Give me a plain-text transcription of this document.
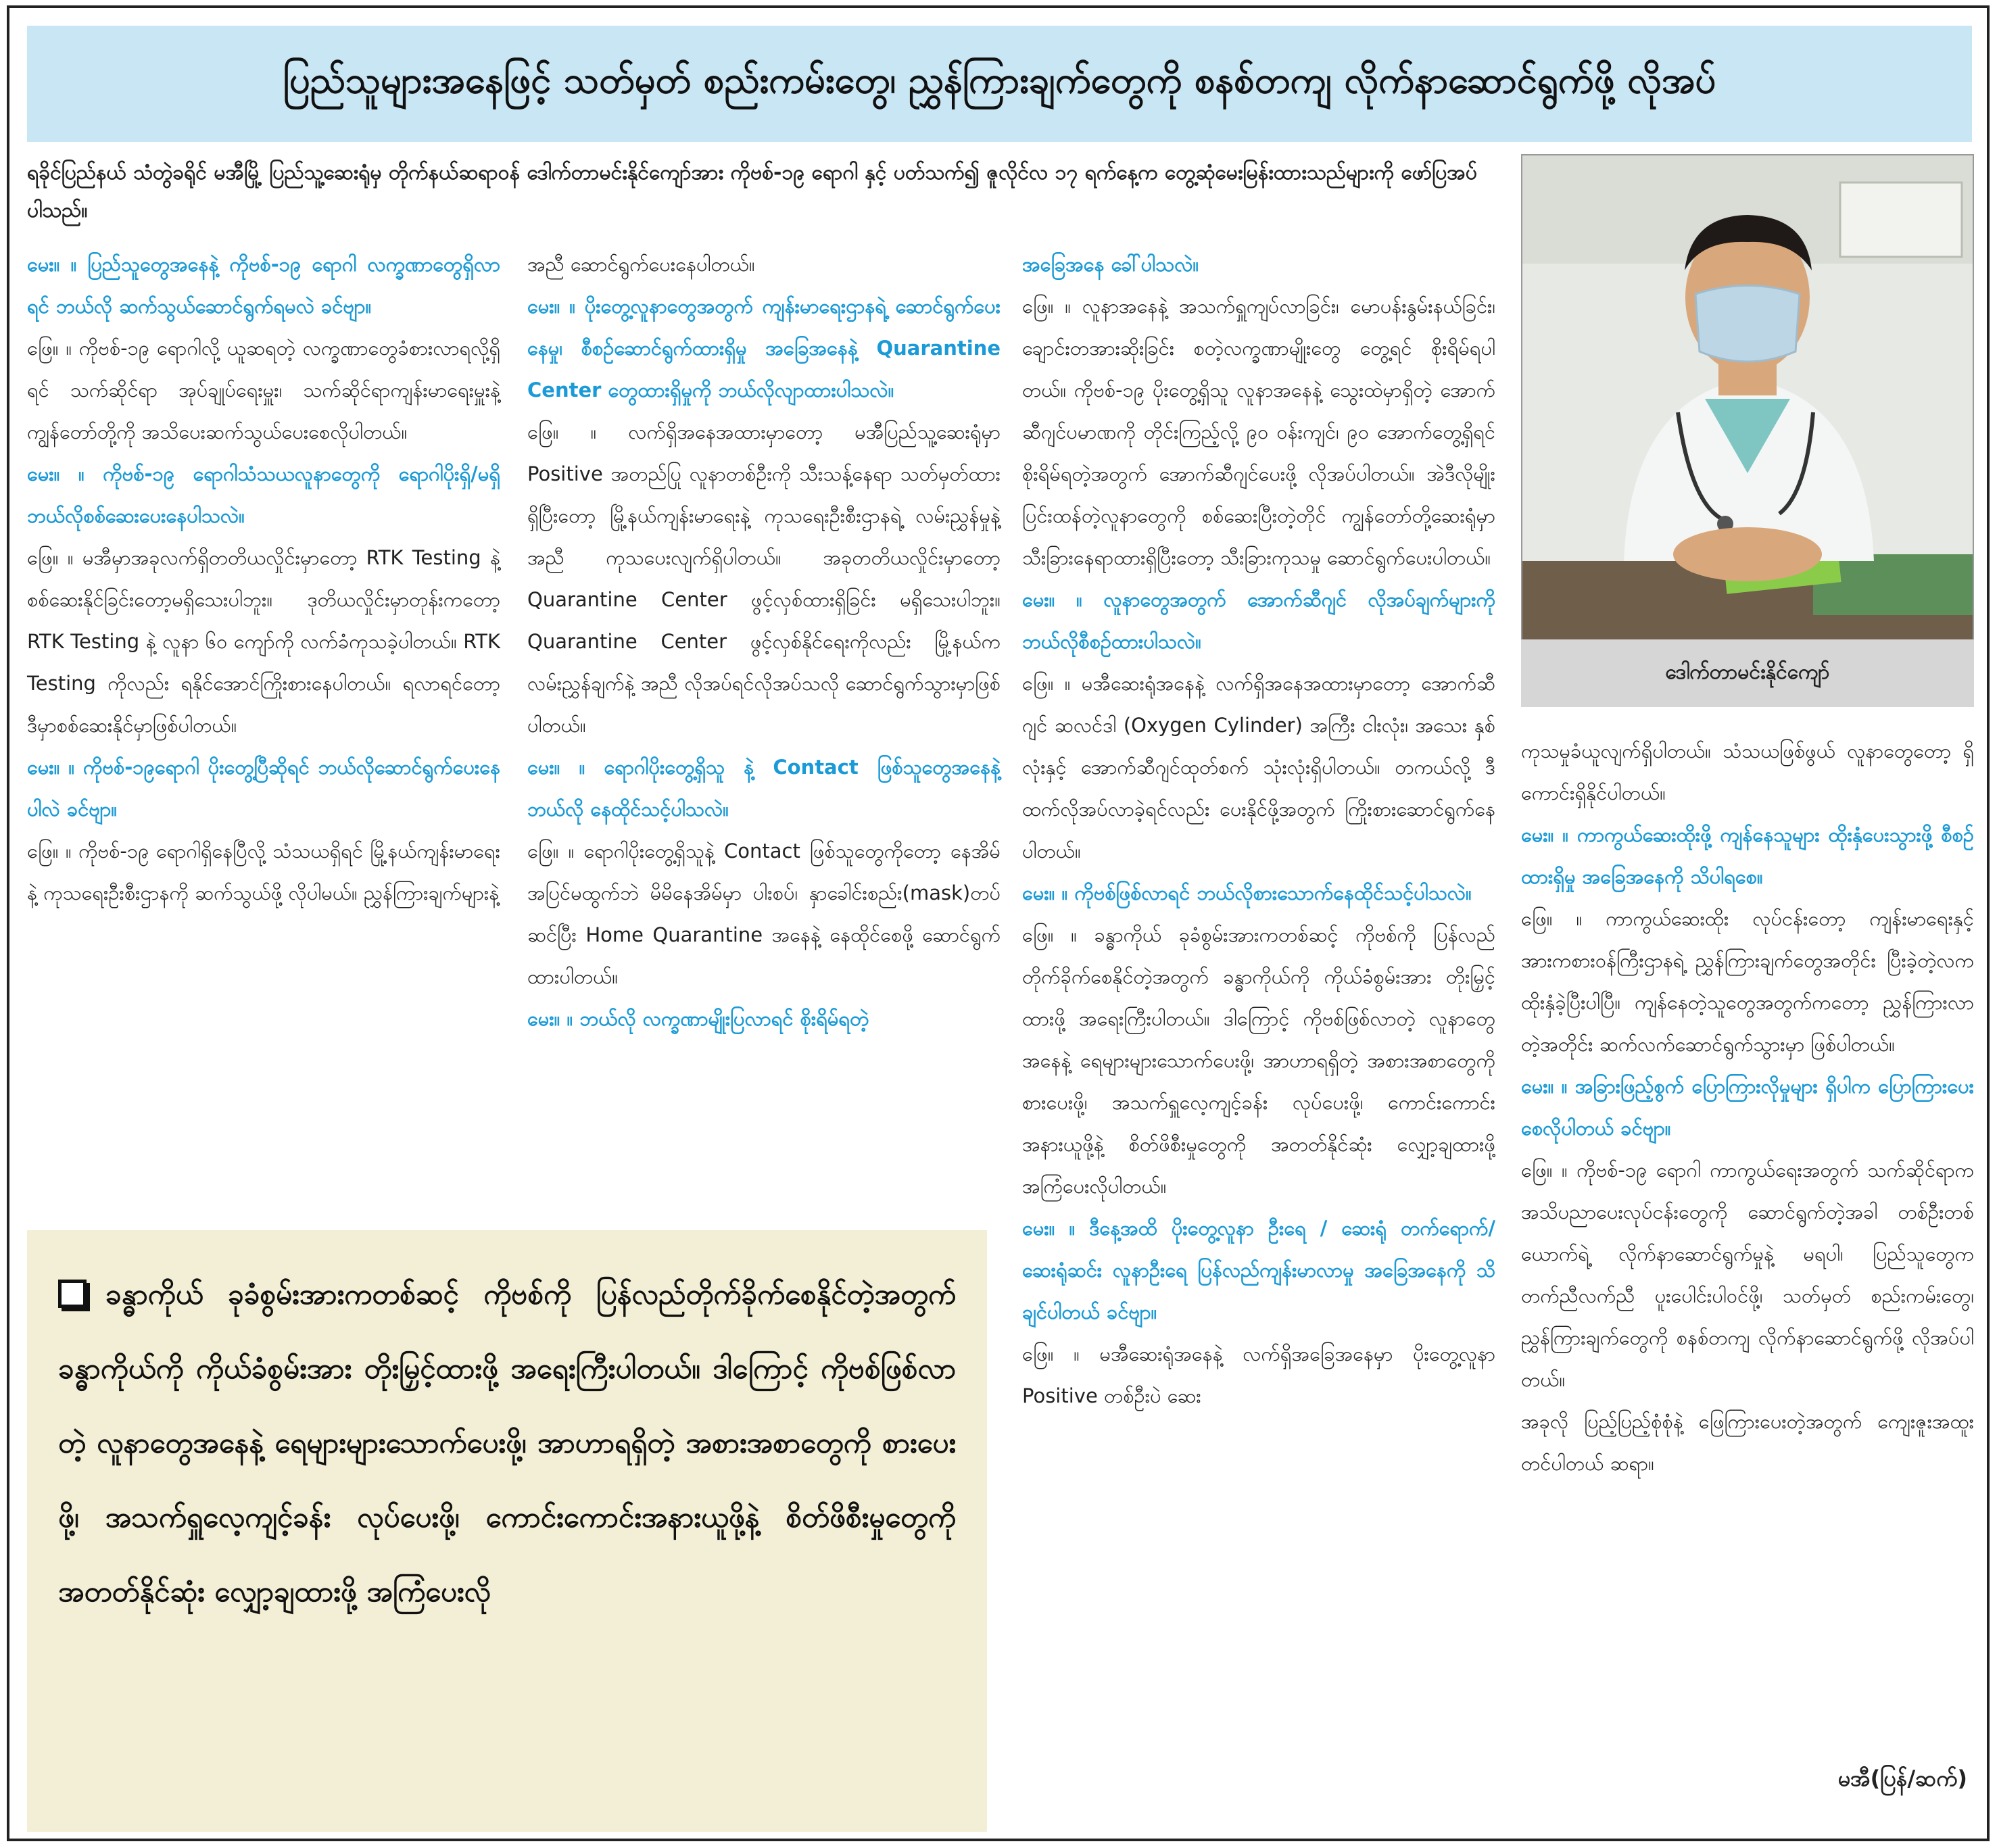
ပြည်သူများအနေဖြင့် သတ်မှတ် စည်းကမ်းတွေ၊ ညွှန်ကြားချက်တွေကို စနစ်တကျ လိုက်နာဆောင်ရွက်ဖို့ လိုအပ်
ရခိုင်ပြည်နယ် သံတွဲခရိုင် မအီမြို့ ပြည်သူ့ဆေးရုံမှ တိုက်နယ်ဆရာဝန် ဒေါက်တာမင်းနိုင်ကျော်အား ကိုဗစ်-၁၉ ရောဂါ နှင့် ပတ်သက်၍ ဇူလိုင်လ ၁၇ ရက်နေ့က တွေ့ဆုံမေးမြန်းထားသည်များကို ဖော်ပြအပ်ပါသည်။

မေး။ ။ ပြည်သူတွေအနေနဲ့ ကိုဗစ်-၁၉ ရောဂါ လက္ခဏာတွေရှိလာရင် ဘယ်လို ဆက်သွယ်ဆောင်ရွက်ရမလဲ ခင်ဗျာ။

ဖြေ။ ။ ကိုဗစ်-၁၉ ရောဂါလို့ ယူဆရတဲ့ လက္ခဏာတွေခံစားလာရလို့ရှိရင် သက်ဆိုင်ရာ အုပ်ချုပ်ရေးမှူး၊ သက်ဆိုင်ရာကျန်းမာရေးမှူးနဲ့ ကျွန်တော်တို့ကို အသိပေးဆက်သွယ်ပေးစေလိုပါတယ်။

မေး။ ။ ကိုဗစ်-၁၉ ရောဂါသံသယလူနာတွေကို ရောဂါပိုးရှိ/မရှိ ဘယ်လိုစစ်ဆေးပေးနေပါသလဲ။

ဖြေ။ ။ မအီမှာအခုလက်ရှိတတိယလှိုင်းမှာတော့ RTK Testing နဲ့ စစ်ဆေးနိုင်ခြင်းတော့မရှိသေးပါဘူး။ ဒုတိယလှိုင်းမှာတုန်းကတော့ RTK Testing နဲ့ လူနာ ၆၀ ကျော်ကို လက်ခံကုသခဲ့ပါတယ်။ RTK Testing ကိုလည်း ရနိုင်အောင်ကြိုးစားနေပါတယ်။ ရလာရင်တော့ ဒီမှာစစ်ဆေးနိုင်မှာဖြစ်ပါတယ်။

မေး။ ။ ကိုဗစ်-၁၉ရောဂါ ပိုးတွေ့ပြီဆိုရင် ဘယ်လိုဆောင်ရွက်ပေးနေပါလဲ ခင်ဗျာ။

ဖြေ။ ။ ကိုဗစ်-၁၉ ရောဂါရှိနေပြီလို့ သံသယရှိရင် မြို့နယ်ကျန်းမာရေးနဲ့ ကုသရေးဦးစီးဌာနကို ဆက်သွယ်ဖို့ လိုပါမယ်။ ညွှန်ကြားချက်များနဲ့

အညီ ဆောင်ရွက်ပေးနေပါတယ်။

မေး။ ။ ပိုးတွေ့လူနာတွေအတွက် ကျန်းမာရေးဌာနရဲ့ ဆောင်ရွက်ပေးနေမှု၊ စီစဉ်ဆောင်ရွက်ထားရှိမှု အခြေအနေနဲ့ Quarantine Center တွေထားရှိမှုကို ဘယ်လိုလျာထားပါသလဲ။

ဖြေ။ ။ လက်ရှိအနေအထားမှာတော့ မအီပြည်သူ့ဆေးရုံမှာ Positive အတည်ပြု လူနာတစ်ဦးကို သီးသန့်နေရာ သတ်မှတ်ထားရှိပြီးတော့ မြို့နယ်ကျန်းမာရေးနဲ့ ကုသရေးဦးစီးဌာနရဲ့ လမ်းညွှန်မှုနဲ့အညီ ကုသပေးလျက်ရှိပါတယ်။ အခုတတိယလှိုင်းမှာတော့ Quarantine Center ဖွင့်လှစ်ထားရှိခြင်း မရှိသေးပါဘူး။ Quarantine Center ဖွင့်လှစ်နိုင်ရေးကိုလည်း မြို့နယ်ကလမ်းညွှန်ချက်နဲ့ အညီ လိုအပ်ရင်လိုအပ်သလို ဆောင်ရွက်သွားမှာဖြစ်ပါတယ်။

မေး။ ။ ရောဂါပိုးတွေ့ရှိသူ နဲ့ Contact ဖြစ်သူတွေအနေနဲ့ ဘယ်လို နေထိုင်သင့်ပါသလဲ။

ဖြေ။ ။ ရောဂါပိုးတွေ့ရှိသူနဲ့ Contact ဖြစ်သူတွေကိုတော့ နေအိမ်အပြင်မထွက်ဘဲ မိမိနေအိမ်မှာ ပါးစပ်၊ နှာခေါင်းစည်း(mask)တပ်ဆင်ပြီး Home Quarantine အနေနဲ့ နေထိုင်စေဖို့ ဆောင်ရွက်ထားပါတယ်။

မေး။ ။ ဘယ်လို လက္ခဏာမျိုးပြလာရင် စိုးရိမ်ရတဲ့

အခြေအနေ ခေါ်ပါသလဲ။

ဖြေ။ ။ လူနာအနေနဲ့ အသက်ရှူကျပ်လာခြင်း၊ မောပန်းနွမ်းနယ်ခြင်း၊ ချောင်းတအားဆိုးခြင်း စတဲ့လက္ခဏာမျိုးတွေ တွေ့ရင် စိုးရိမ်ရပါတယ်။ ကိုဗစ်-၁၉ ပိုးတွေ့ရှိသူ လူနာအနေနဲ့ သွေးထဲမှာရှိတဲ့ အောက်ဆီဂျင်ပမာဏကို တိုင်းကြည့်လို့ ၉၀ ဝန်းကျင်၊ ၉၀ အောက်တွေ့ရှိရင် စိုးရိမ်ရတဲ့အတွက် အောက်ဆီဂျင်ပေးဖို့ လိုအပ်ပါတယ်။ အဲဒီလိုမျိုး ပြင်းထန်တဲ့လူနာတွေကို စစ်ဆေးပြီးတဲ့တိုင် ကျွန်တော်တို့ဆေးရုံမှာ သီးခြားနေရာထားရှိပြီးတော့ သီးခြားကုသမှု ဆောင်ရွက်ပေးပါတယ်။

မေး။ ။ လူနာတွေအတွက် အောက်ဆီဂျင် လိုအပ်ချက်များကို ဘယ်လိုစီစဉ်ထားပါသလဲ။

ဖြေ။ ။ မအီဆေးရုံအနေနဲ့ လက်ရှိအနေအထားမှာတော့ အောက်ဆီဂျင် ဆလင်ဒါ (Oxygen Cylinder) အကြီး ငါးလုံး၊ အသေး နှစ်လုံးနှင့် အောက်ဆီဂျင်ထုတ်စက် သုံးလုံးရှိပါတယ်။ တကယ်လို့ ဒီထက်လိုအပ်လာခဲ့ရင်လည်း ပေးနိုင်ဖို့အတွက် ကြိုးစားဆောင်ရွက်နေပါတယ်။

မေး။ ။ ကိုဗစ်ဖြစ်လာရင် ဘယ်လိုစားသောက်နေထိုင်သင့်ပါသလဲ။

ဖြေ။ ။ ခန္ဓာကိုယ် ခုခံစွမ်းအားကတစ်ဆင့် ကိုဗစ်ကို ပြန်လည်တိုက်ခိုက်စေနိုင်တဲ့အတွက် ခန္ဓာကိုယ်ကို ကိုယ်ခံစွမ်းအား တိုးမြှင့်ထားဖို့ အရေးကြီးပါတယ်။ ဒါကြောင့် ကိုဗစ်ဖြစ်လာတဲ့ လူနာတွေအနေနဲ့ ရေများများသောက်ပေးဖို့၊ အာဟာရရှိတဲ့ အစားအစာတွေကို စားပေးဖို့၊ အသက်ရှူလေ့ကျင့်ခန်း လုပ်ပေးဖို့၊ ကောင်းကောင်း အနားယူဖို့နဲ့ စိတ်ဖိစီးမှုတွေကို အတတ်နိုင်ဆုံး လျှော့ချထားဖို့ အကြံပေးလိုပါတယ်။

မေး။ ။ ဒီနေ့အထိ ပိုးတွေ့လူနာ ဦးရေ / ဆေးရုံ တက်ရောက်/ ဆေးရုံဆင်း လူနာဦးရေ ပြန်လည်ကျန်းမာလာမှု အခြေအနေကို သိချင်ပါတယ် ခင်ဗျာ။

ဖြေ။ ။ မအီဆေးရုံအနေနဲ့ လက်ရှိအခြေအနေမှာ ပိုးတွေ့လူနာ Positive တစ်ဦးပဲ ဆေး

ဒေါက်တာမင်းနိုင်ကျော်

ကုသမှုခံယူလျက်ရှိပါတယ်။ သံသယဖြစ်ဖွယ် လူနာတွေတော့ ရှိကောင်းရှိနိုင်ပါတယ်။

မေး။ ။ ကာကွယ်ဆေးထိုးဖို့ ကျန်နေသူများ ထိုးနှံပေးသွားဖို့ စီစဉ်ထားရှိမှု အခြေအနေကို သိပါရစေ။

ဖြေ။ ။ ကာကွယ်ဆေးထိုး လုပ်ငန်းတော့ ကျန်းမာရေးနှင့် အားကစားဝန်ကြီးဌာနရဲ့ ညွှန်ကြားချက်တွေအတိုင်း ပြီးခဲ့တဲ့လက ထိုးနှံခဲ့ပြီးပါပြီ။ ကျန်နေတဲ့သူတွေအတွက်ကတော့ ညွှန်ကြားလာတဲ့အတိုင်း ဆက်လက်ဆောင်ရွက်သွားမှာ ဖြစ်ပါတယ်။

မေး။ ။ အခြားဖြည့်စွက် ပြောကြားလိုမှုများ ရှိပါက ပြောကြားပေးစေလိုပါတယ် ခင်ဗျာ။

ဖြေ။ ။ ကိုဗစ်-၁၉ ရောဂါ ကာကွယ်ရေးအတွက် သက်ဆိုင်ရာက အသိပညာပေးလုပ်ငန်းတွေကို ဆောင်ရွက်တဲ့အခါ တစ်ဦးတစ်ယောက်ရဲ့ လိုက်နာဆောင်ရွက်မှုနဲ့ မရပါ၊ ပြည်သူတွေက တက်ညီလက်ညီ ပူးပေါင်းပါဝင်ဖို့၊ သတ်မှတ် စည်းကမ်းတွေ၊ ညွှန်ကြားချက်တွေကို စနစ်တကျ လိုက်နာဆောင်ရွက်ဖို့ လိုအပ်ပါတယ်။

အခုလို ပြည့်ပြည့်စုံစုံနဲ့ ဖြေကြားပေးတဲ့အတွက် ကျေးဇူးအထူးတင်ပါတယ် ဆရာ။

ခန္ဓာကိုယ် ခုခံစွမ်းအားကတစ်ဆင့် ကိုဗစ်ကို ပြန်လည်တိုက်ခိုက်စေနိုင်တဲ့အတွက် ခန္ဓာကိုယ်ကို ကိုယ်ခံစွမ်းအား တိုးမြှင့်ထားဖို့ အရေးကြီးပါတယ်။ ဒါကြောင့် ကိုဗစ်ဖြစ်လာတဲ့ လူနာတွေအနေနဲ့ ရေများများသောက်ပေးဖို့၊ အာဟာရရှိတဲ့ အစားအစာတွေကို စားပေးဖို့၊ အသက်ရှူလေ့ကျင့်ခန်း လုပ်ပေးဖို့၊ ကောင်းကောင်းအနားယူဖို့နဲ့ စိတ်ဖိစီးမှုတွေကို အတတ်နိုင်ဆုံး လျှော့ချထားဖို့ အကြံပေးလို
မအီ(ပြန်/ဆက်)
